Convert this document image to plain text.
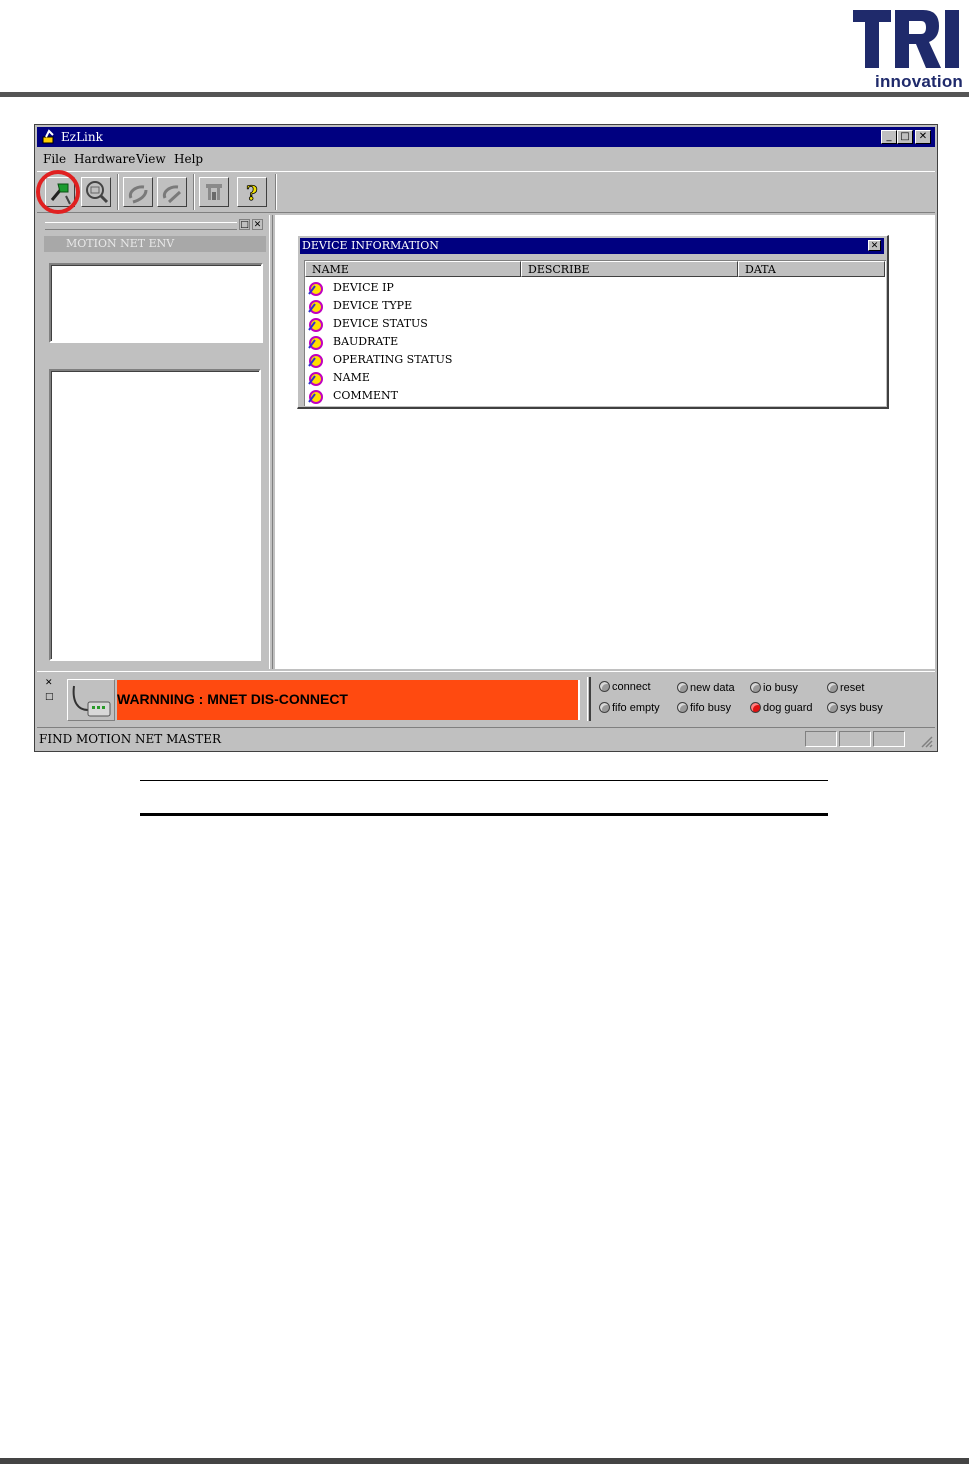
innovation
EzLink	_ □ ✕
File Hardware View Help
?
□ ✕
MOTION NET ENV	DEVICE INFORMATION	✕
NAME	DESCRIBE	DATA
DEVICE IP
DEVICE TYPE
DEVICE STATUS
BAUDRATE
OPERATING STATUS
NAME
COMMENT
✕
□	WARNNING : MNET DIS-CONNECT
connect	new data	io busy	reset
fifo empty	fifo busy	dog guard	sys busy
FIND MOTION NET MASTER
